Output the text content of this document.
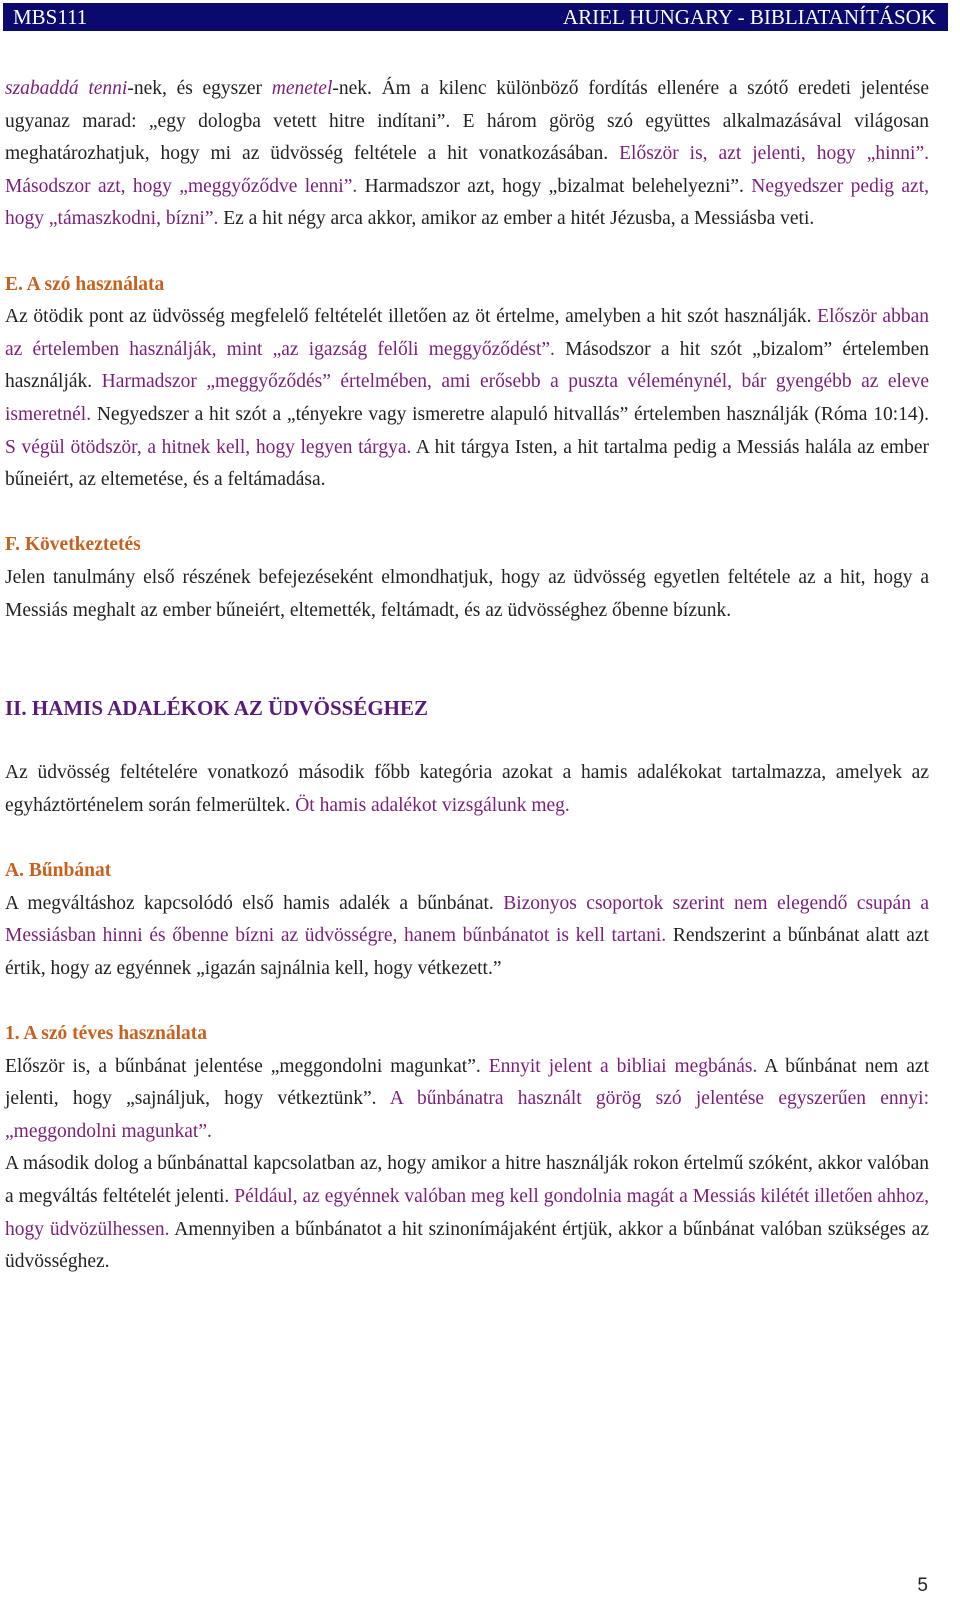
MBS111	ARIEL HUNGARY - BIBLIATANÍTÁSOK

szabaddá tenni-nek, és egyszer menetel-nek. Ám a kilenc különböző fordítás ellenére a szótő eredeti jelentése ugyanaz marad: „egy dologba vetett hitre indítani”. E három görög szó együttes alkalmazásával világosan meghatározhatjuk, hogy mi az üdvösség feltétele a hit vonatkozásában. Először is, azt jelenti, hogy „hinni”. Másodszor azt, hogy „meggyőződve lenni”. Harmadszor azt, hogy „bizalmat belehelyezni”. Negyedszer pedig azt, hogy „támaszkodni, bízni”. Ez a hit négy arca akkor, amikor az ember a hitét Jézusba, a Messiásba veti.

E. A szó használata

Az ötödik pont az üdvösség megfelelő feltételét illetően az öt értelme, amelyben a hit szót használják. Először abban az értelemben használják, mint „az igazság felőli meggyőződést”. Másodszor a hit szót „bizalom” értelemben használják. Harmadszor „meggyőződés” értelmében, ami erősebb a puszta véleménynél, bár gyengébb az eleve ismeretnél. Negyedszer a hit szót a „tényekre vagy ismeretre alapuló hitvallás” értelemben használják (Róma 10:14). S végül ötödször, a hitnek kell, hogy legyen tárgya. A hit tárgya Isten, a hit tartalma pedig a Messiás halála az ember bűneiért, az eltemetése, és a feltámadása.

F. Következtetés

Jelen tanulmány első részének befejezéseként elmondhatjuk, hogy az üdvösség egyetlen feltétele az a hit, hogy a Messiás meghalt az ember bűneiért, eltemették, feltámadt, és az üdvösséghez őbenne bízunk.

II. HAMIS ADALÉKOK AZ ÜDVÖSSÉGHEZ

Az üdvösség feltételére vonatkozó második főbb kategória azokat a hamis adalékokat tartalmazza, amelyek az egyháztörténelem során felmerültek. Öt hamis adalékot vizsgálunk meg.

A. Bűnbánat

A megváltáshoz kapcsolódó első hamis adalék a bűnbánat. Bizonyos csoportok szerint nem elegendő csupán a Messiásban hinni és őbenne bízni az üdvösségre, hanem bűnbánatot is kell tartani. Rendszerint a bűnbánat alatt azt értik, hogy az egyénnek „igazán sajnálnia kell, hogy vétkezett.”

1. A szó téves használata

Először is, a bűnbánat jelentése „meggondolni magunkat”. Ennyit jelent a bibliai megbánás. A bűnbánat nem azt jelenti, hogy „sajnáljuk, hogy vétkeztünk”. A bűnbánatra használt görög szó jelentése egyszerűen ennyi: „meggondolni magunkat”.

A második dolog a bűnbánattal kapcsolatban az, hogy amikor a hitre használják rokon értelmű szóként, akkor valóban a megváltás feltételét jelenti. Például, az egyénnek valóban meg kell gondolnia magát a Messiás kilétét illetően ahhoz, hogy üdvözülhessen. Amennyiben a bűnbánatot a hit szinonímájaként értjük, akkor a bűnbánat valóban szükséges az üdvösséghez.

5
